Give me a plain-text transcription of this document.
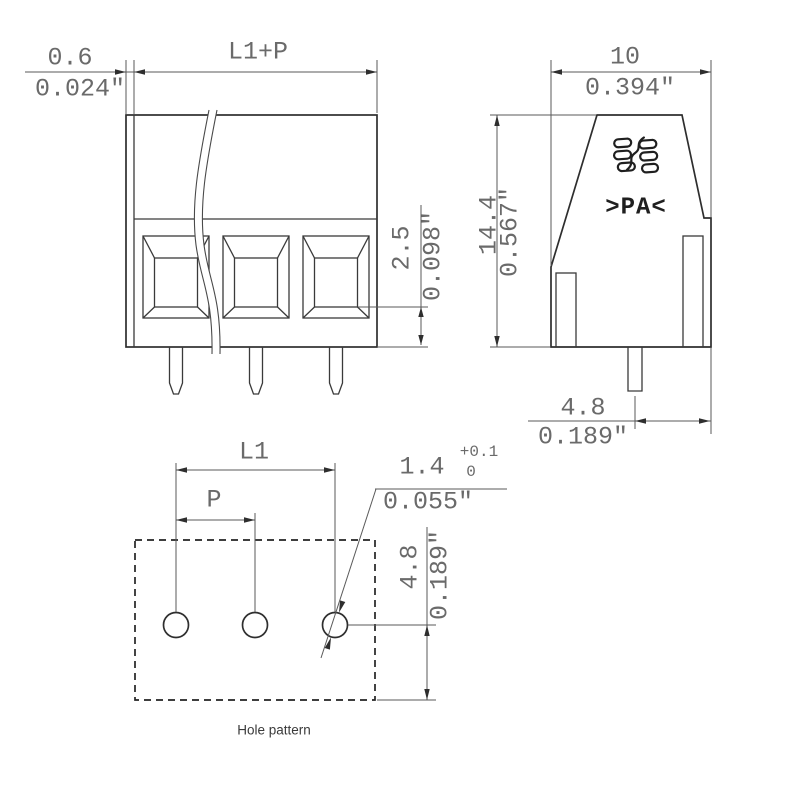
0.6
0.024"
L1+P
2.5 0.098"
10
0.394"
14.4
0.567"
4.8
0.189"
>PA<
L1
P
1.4
+0.1
0
0.055"
4.8 0.189"
Hole pattern
